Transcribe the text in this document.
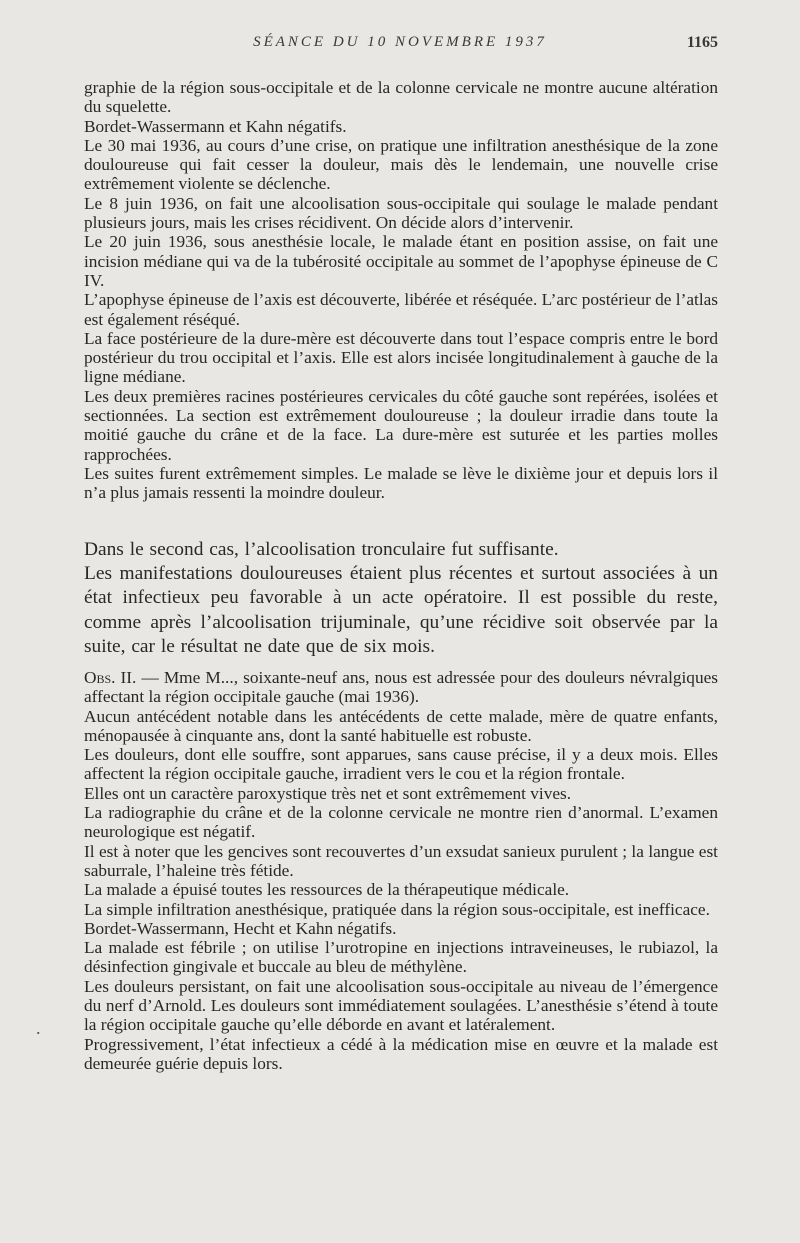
SÉANCE DU 10 NOVEMBRE 1937	1165

graphie de la région sous-occipitale et de la colonne cervicale ne montre aucune altération du squelette.

Bordet-Wassermann et Kahn négatifs.

Le 30 mai 1936, au cours d’une crise, on pratique une infiltration anesthésique de la zone douloureuse qui fait cesser la douleur, mais dès le lendemain, une nouvelle crise extrêmement violente se déclenche.

Le 8 juin 1936, on fait une alcoolisation sous-occipitale qui soulage le malade pendant plusieurs jours, mais les crises récidivent. On décide alors d’intervenir.

Le 20 juin 1936, sous anesthésie locale, le malade étant en position assise, on fait une incision médiane qui va de la tubérosité occipitale au sommet de l’apophyse épineuse de C IV.

L’apophyse épineuse de l’axis est découverte, libérée et réséquée. L’arc postérieur de l’atlas est également réséqué.

La face postérieure de la dure-mère est découverte dans tout l’espace compris entre le bord postérieur du trou occipital et l’axis. Elle est alors incisée longitudinalement à gauche de la ligne médiane.

Les deux premières racines postérieures cervicales du côté gauche sont repérées, isolées et sectionnées. La section est extrêmement douloureuse ; la douleur irradie dans toute la moitié gauche du crâne et de la face. La dure-mère est suturée et les parties molles rapprochées.

Les suites furent extrêmement simples. Le malade se lève le dixième jour et depuis lors il n’a plus jamais ressenti la moindre douleur.

Dans le second cas, l’alcoolisation tronculaire fut suffisante.

Les manifestations douloureuses étaient plus récentes et surtout associées à un état infectieux peu favorable à un acte opératoire. Il est possible du reste, comme après l’alcoolisation trijuminale, qu’une récidive soit observée par la suite, car le résultat ne date que de six mois.

Obs. II. — Mme M..., soixante-neuf ans, nous est adressée pour des douleurs névralgiques affectant la région occipitale gauche (mai 1936).

Aucun antécédent notable dans les antécédents de cette malade, mère de quatre enfants, ménopausée à cinquante ans, dont la santé habituelle est robuste.

Les douleurs, dont elle souffre, sont apparues, sans cause précise, il y a deux mois. Elles affectent la région occipitale gauche, irradient vers le cou et la région frontale.

Elles ont un caractère paroxystique très net et sont extrêmement vives.

La radiographie du crâne et de la colonne cervicale ne montre rien d’anormal. L’examen neurologique est négatif.

Il est à noter que les gencives sont recouvertes d’un exsudat sanieux purulent ; la langue est saburrale, l’haleine très fétide.

La malade a épuisé toutes les ressources de la thérapeutique médicale.

La simple infiltration anesthésique, pratiquée dans la région sous-occipitale, est inefficace.

Bordet-Wassermann, Hecht et Kahn négatifs.

La malade est fébrile ; on utilise l’urotropine en injections intraveineuses, le rubiazol, la désinfection gingivale et buccale au bleu de méthylène.

Les douleurs persistant, on fait une alcoolisation sous-occipitale au niveau de l’émergence du nerf d’Arnold. Les douleurs sont immédiatement soulagées. L’anesthésie s’étend à toute la région occipitale gauche qu’elle déborde en avant et latéralement.

Progressivement, l’état infectieux a cédé à la médication mise en œuvre et la malade est demeurée guérie depuis lors.

.
